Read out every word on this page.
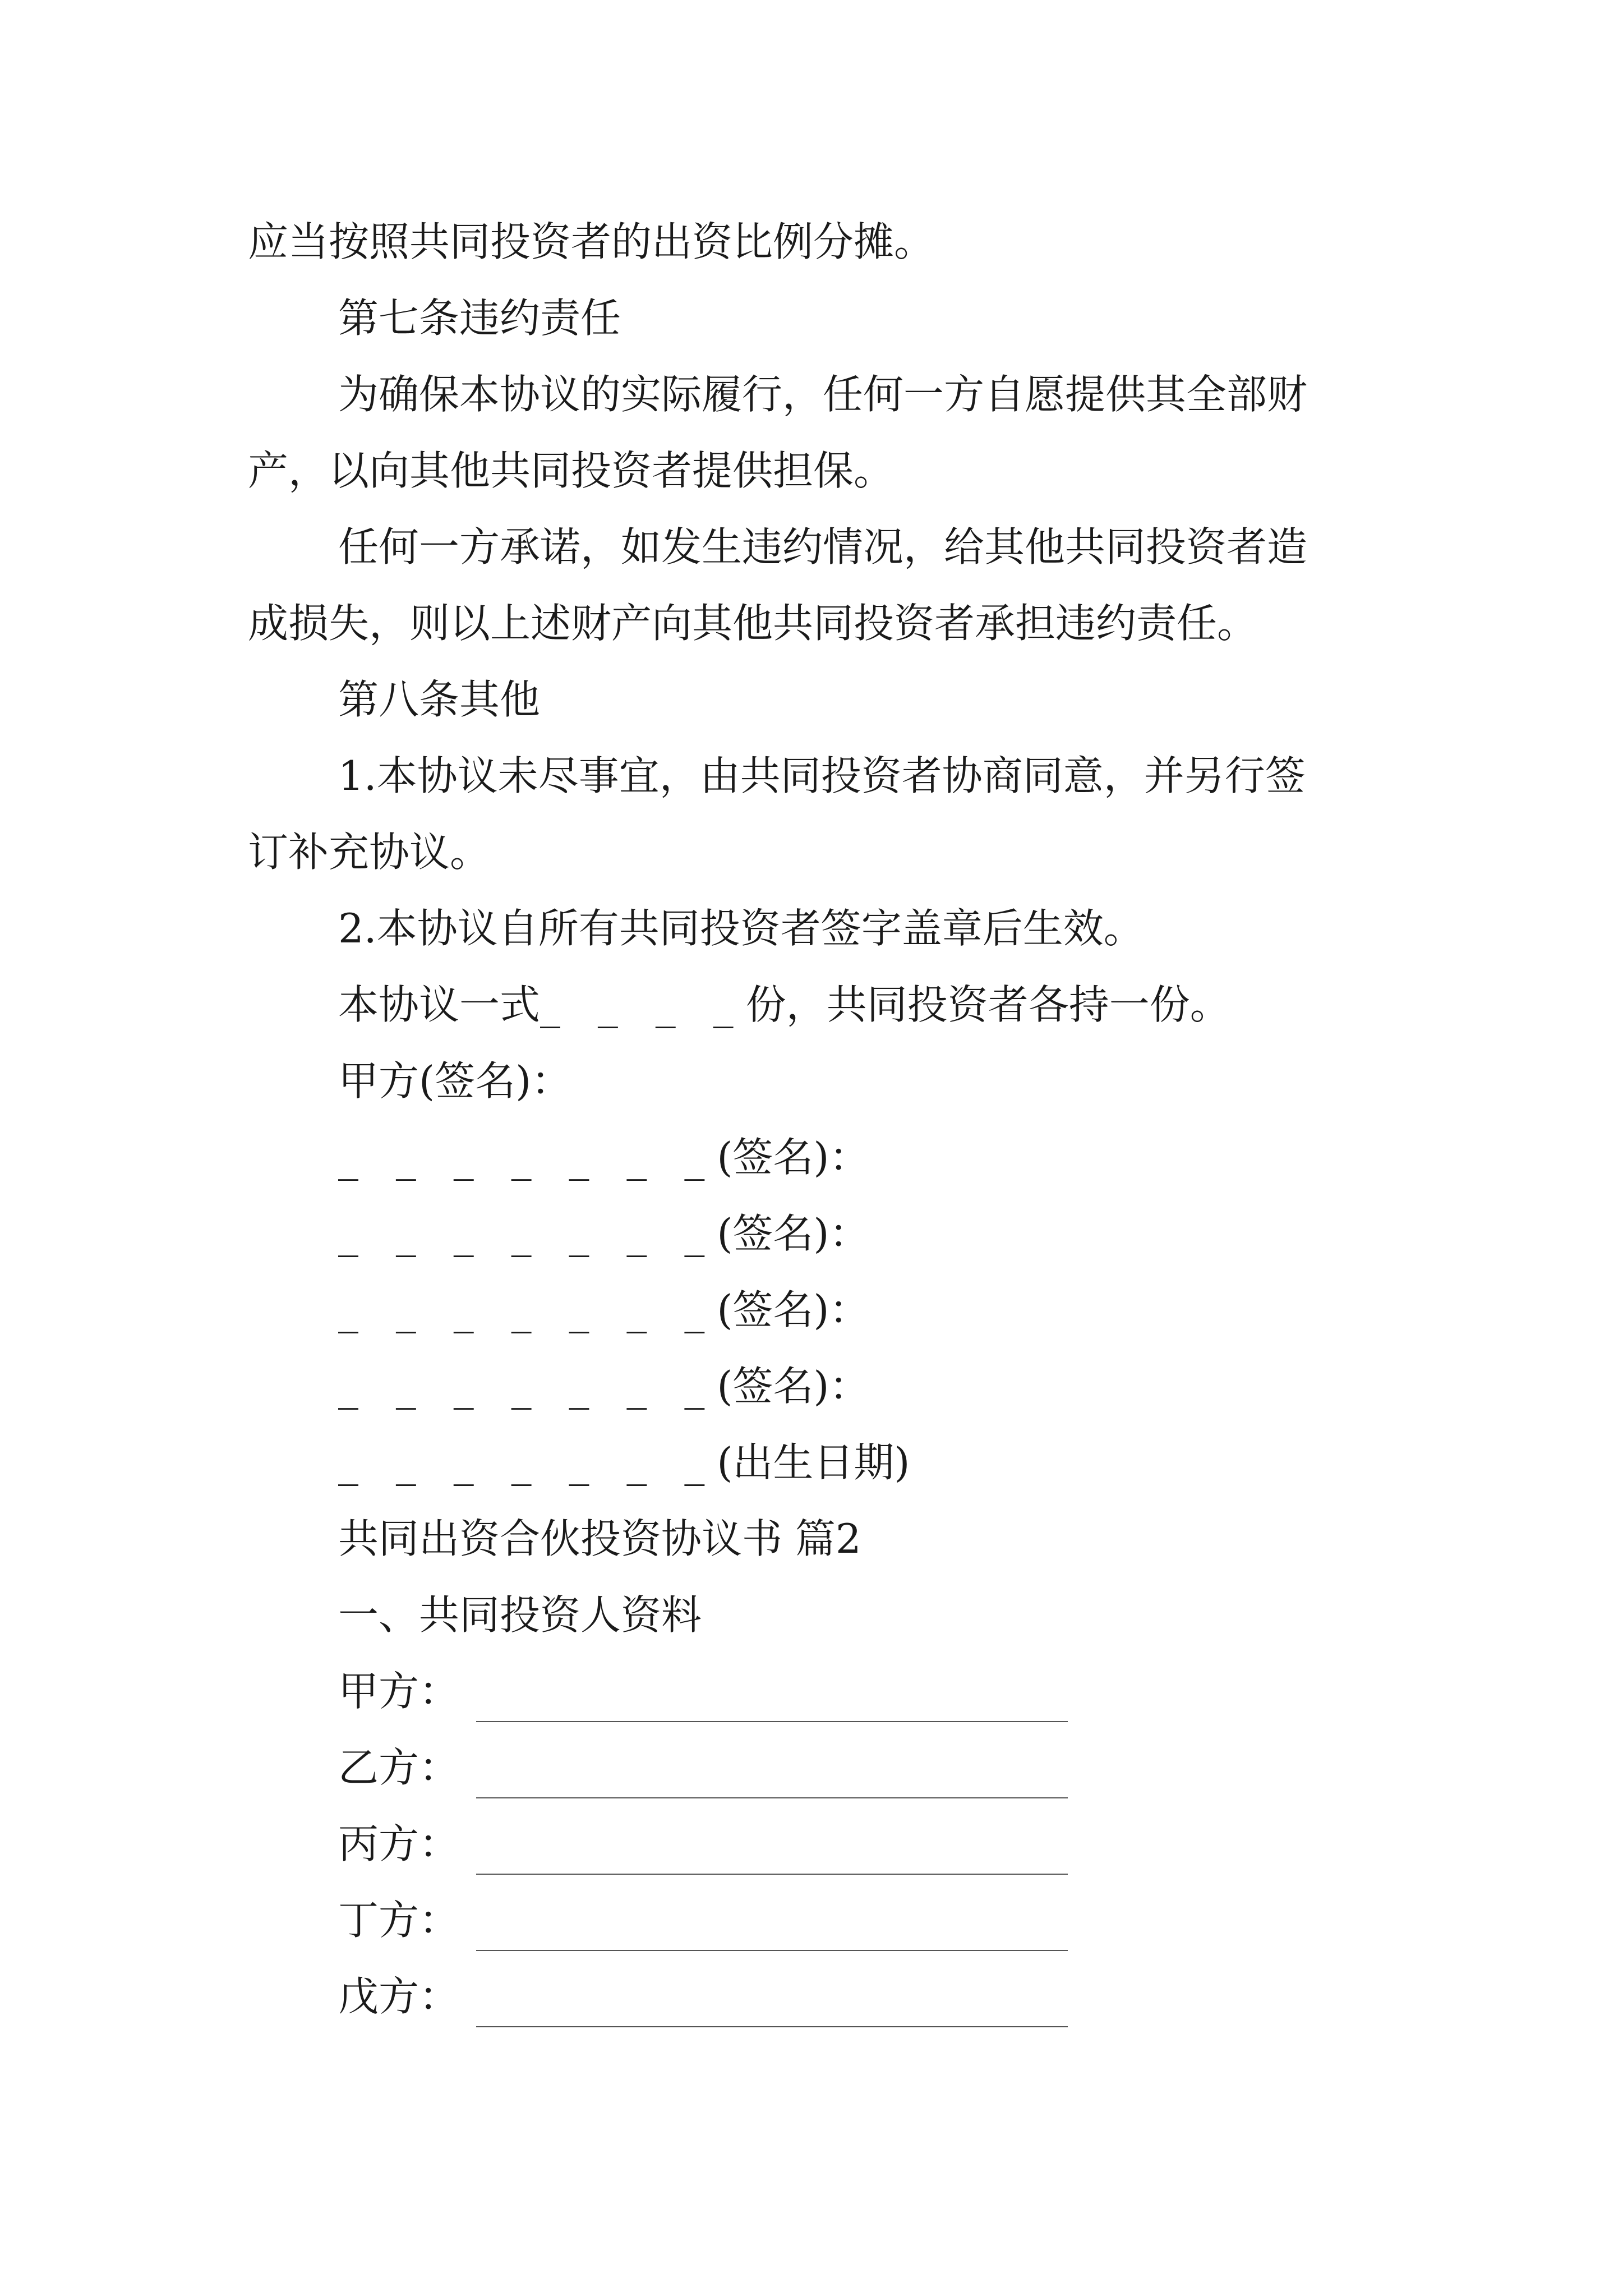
应当按照共同投资者的出资比例分摊。
第七条违约责任
为确保本协议的实际履行，任何一方自愿提供其全部财
产，以向其他共同投资者提供担保。
任何一方承诺，如发生违约情况，给其他共同投资者造
成损失，则以上述财产向其他共同投资者承担违约责任。
第八条其他
1.本协议未尽事宜，由共同投资者协商同意，并另行签
订补充协议。
2.本协议自所有共同投资者签字盖章后生效。
本协议一式_ _ _ _份，共同投资者各持一份。
甲方(签名)：
_ _ _ _ _ _ _(签名)：
_ _ _ _ _ _ _(签名)：
_ _ _ _ _ _ _(签名)：
_ _ _ _ _ _ _(签名)：
_ _ _ _ _ _ _(出生日期)
共同出资合伙投资协议书 篇2
一、共同投资人资料
甲方：
乙方：
丙方：
丁方：
戊方：
